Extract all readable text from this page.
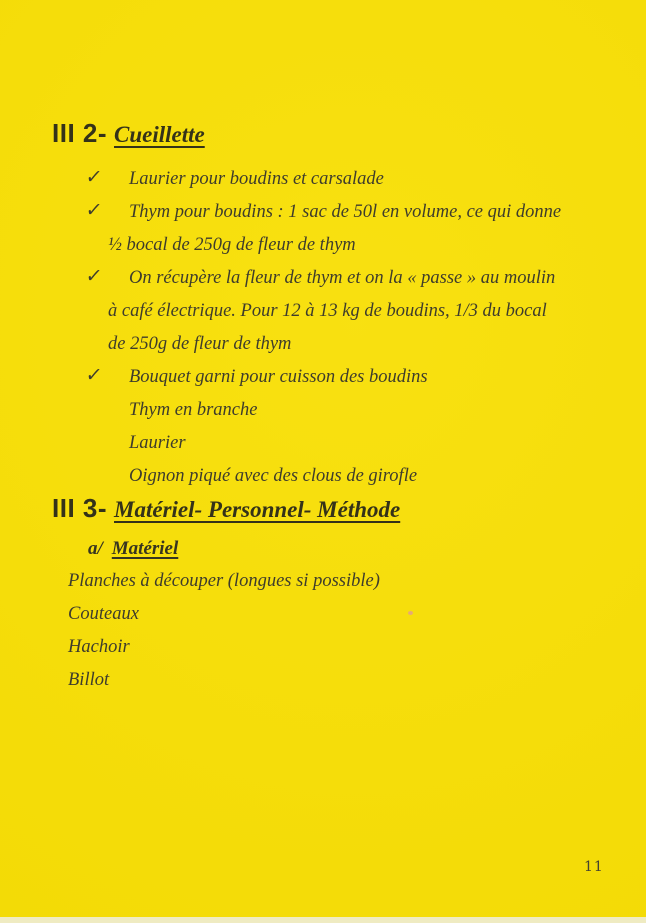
III 2- Cueillette
✓	Laurier pour boudins et carsalade
✓	Thym pour boudins : 1 sac de 50l en volume, ce qui donne
½ bocal de 250g de fleur de thym
✓	On récupère la fleur de thym et on la « passe » au moulin
à café électrique. Pour 12 à 13 kg de boudins, 1/3 du bocal
de 250g de fleur de thym
✓	Bouquet garni pour cuisson des boudins
Thym en branche
Laurier
Oignon piqué avec des clous de girofle
III 3- Matériel- Personnel- Méthode
a/ Matériel
Planches à découper (longues si possible)
Couteaux
Hachoir
Billot
11
